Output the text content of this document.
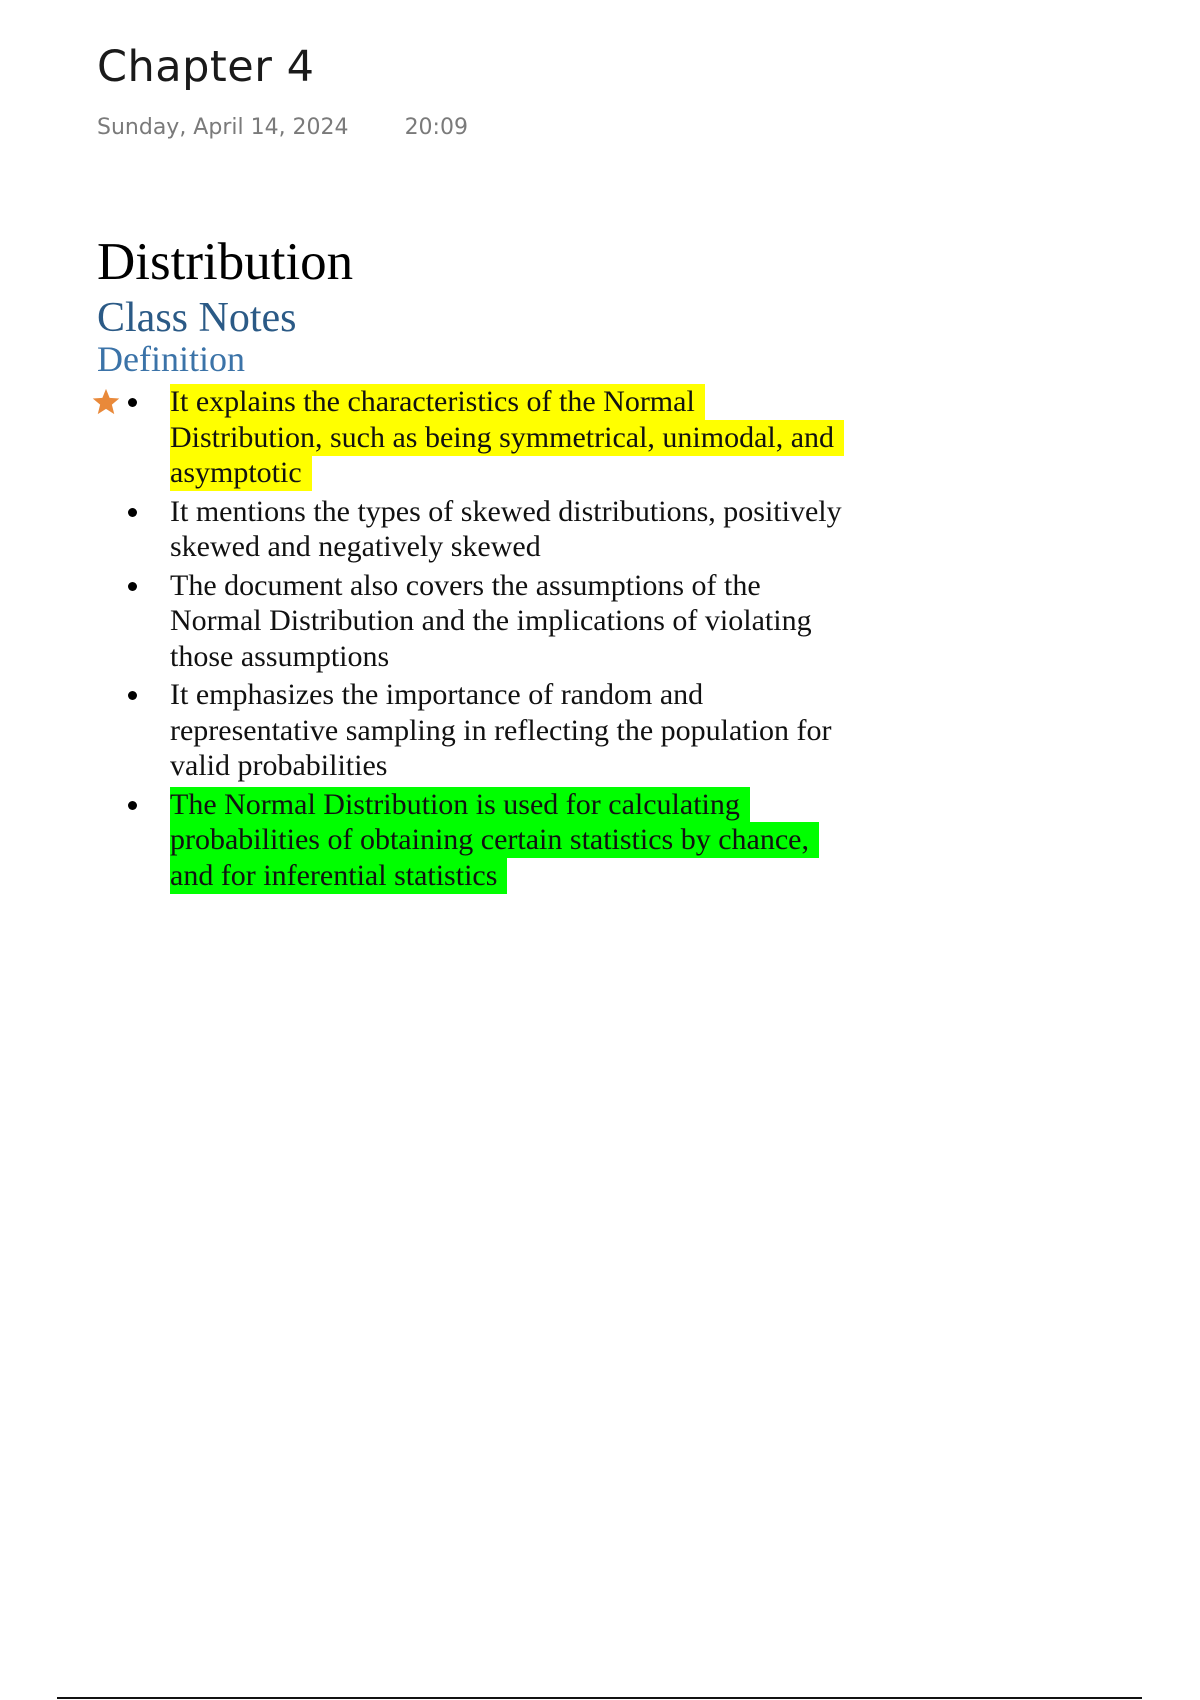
Chapter 4
Sunday, April 14, 2024	20:09
Distribution
Class Notes
Definition
It explains the characteristics of the Normal Distribution, such as being symmetrical, unimodal, and asymptotic
It mentions the types of skewed distributions, positively skewed and negatively skewed
The document also covers the assumptions of the Normal Distribution and the implications of violating those assumptions
It emphasizes the importance of random and representative sampling in reflecting the population for valid probabilities
The Normal Distribution is used for calculating probabilities of obtaining certain statistics by chance, and for inferential statistics
